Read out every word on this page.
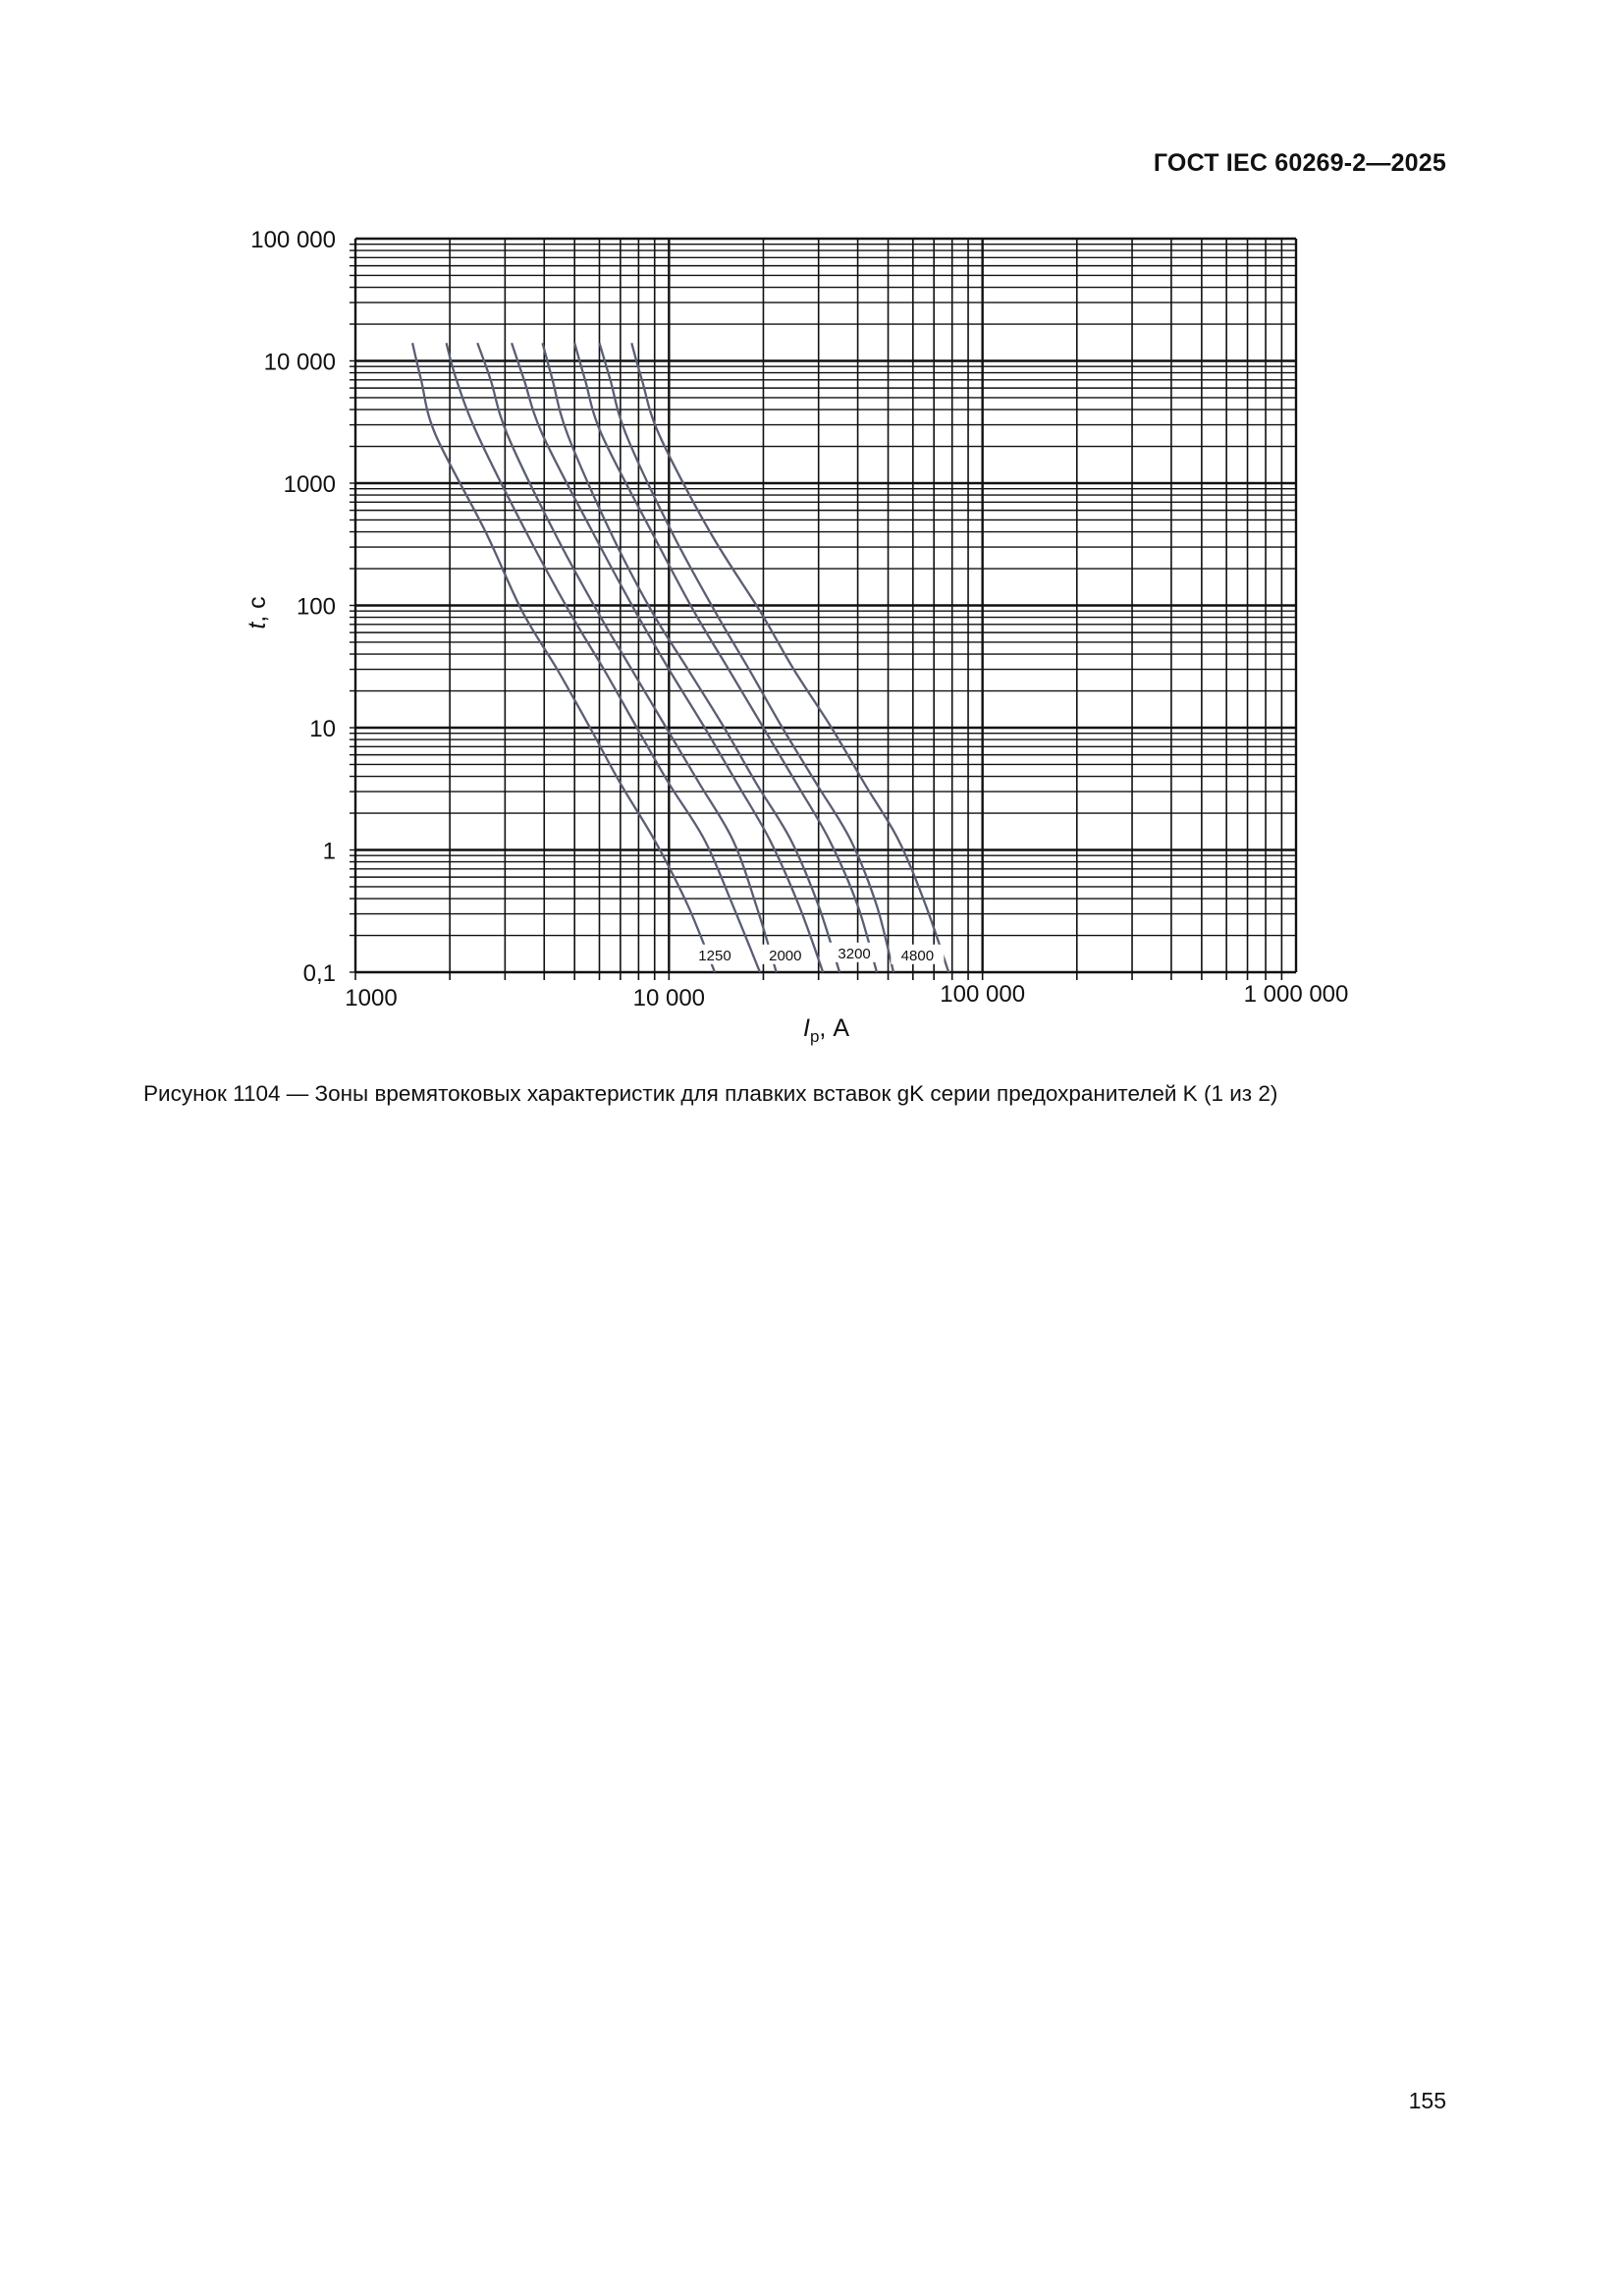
ГОСТ IEC 60269-2—2025
100 000
10 000
1000
100
10
1
0,1
1000	10 000	100 000	1 000 000
1250	2000 3200 4800
t, с
$I_p$, А
Рисунок 1104 — Зоны времятоковых характеристик для плавких вставок gK серии предохранителей K (1 из 2)
155
